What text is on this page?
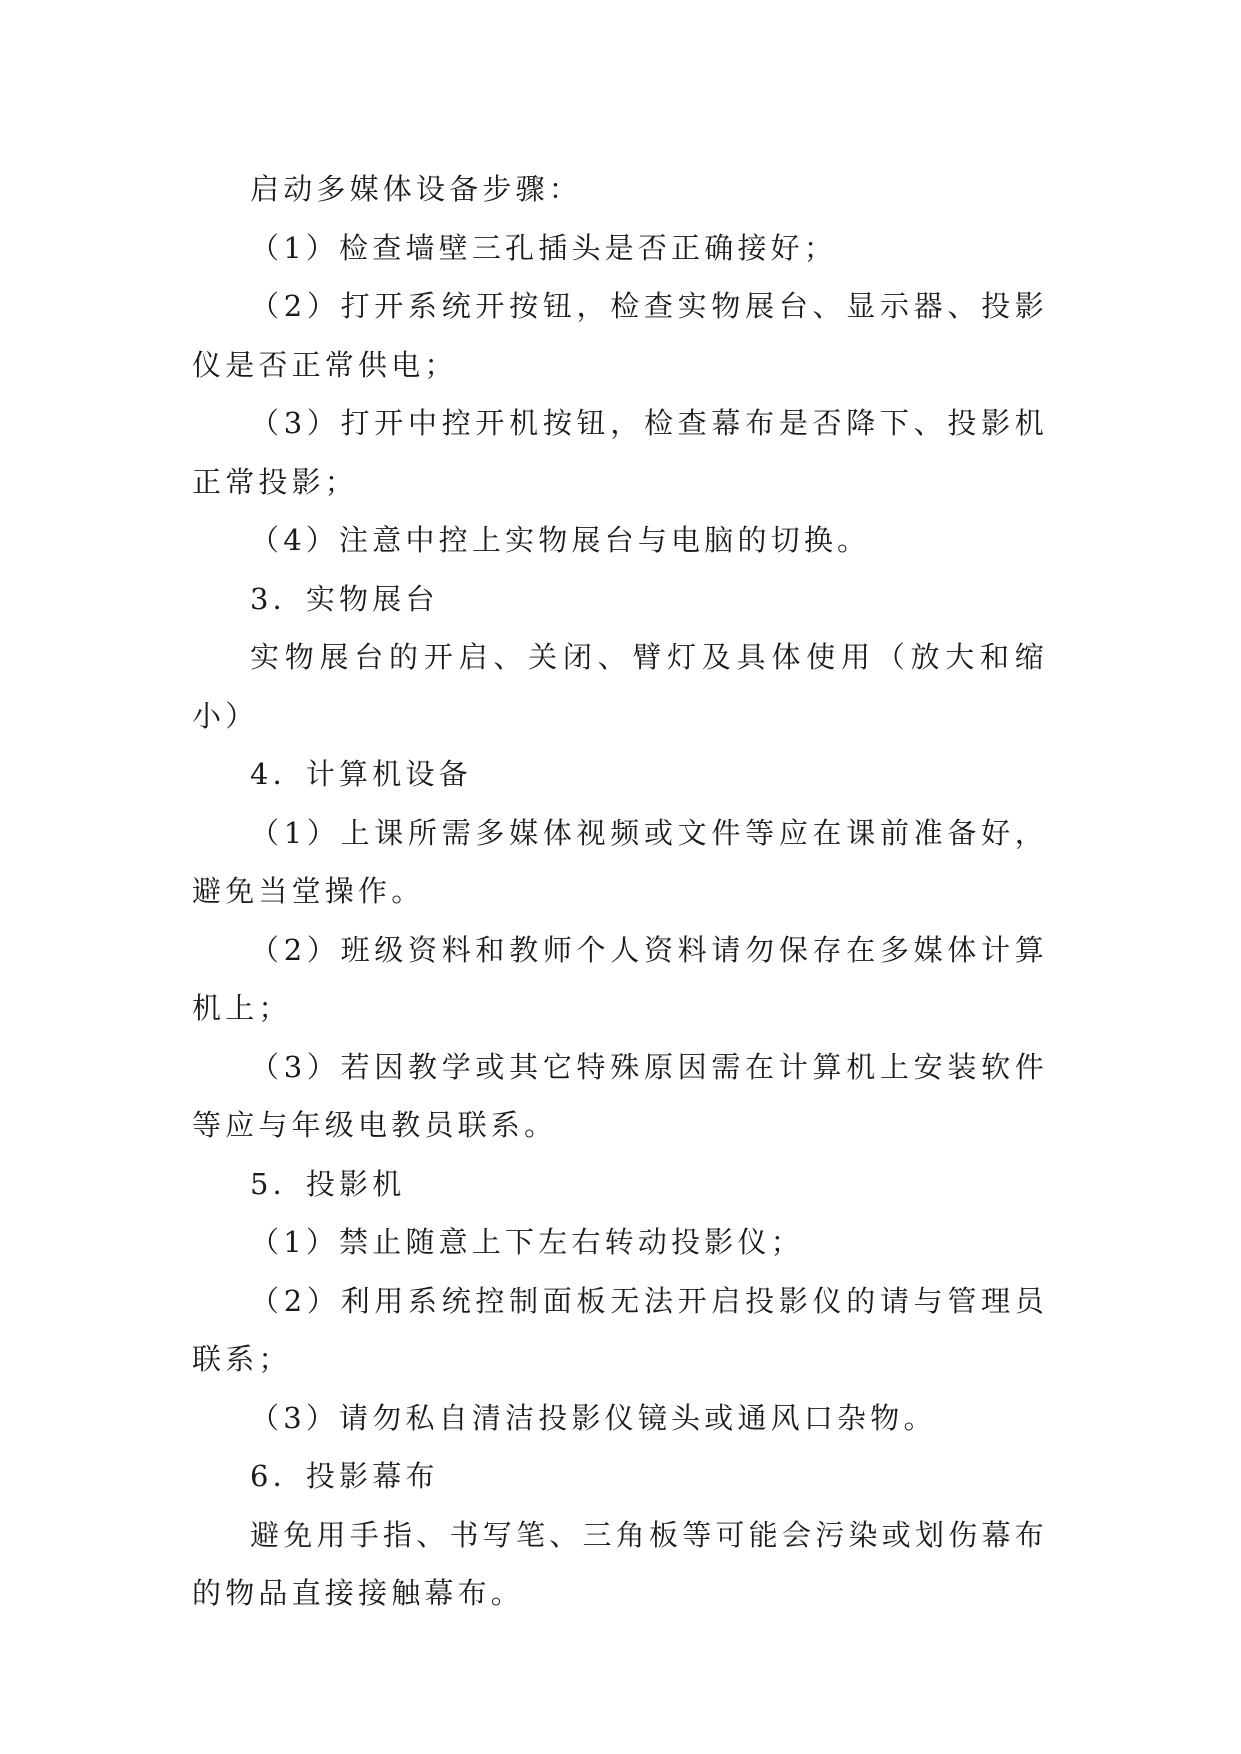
启动多媒体设备步骤：

（1）检查墙壁三孔插头是否正确接好；

（2）打开系统开按钮，检查实物展台、显示器、投影仪是否正常供电；

（3）打开中控开机按钮，检查幕布是否降下、投影机正常投影；

（4）注意中控上实物展台与电脑的切换。

3．实物展台

实物展台的开启、关闭、臂灯及具体使用（放大和缩小）

4．计算机设备

（1）上课所需多媒体视频或文件等应在课前准备好，避免当堂操作。

（2）班级资料和教师个人资料请勿保存在多媒体计算机上；

（3）若因教学或其它特殊原因需在计算机上安装软件等应与年级电教员联系。

5．投影机

（1）禁止随意上下左右转动投影仪；

（2）利用系统控制面板无法开启投影仪的请与管理员联系；

（3）请勿私自清洁投影仪镜头或通风口杂物。

6．投影幕布

避免用手指、书写笔、三角板等可能会污染或划伤幕布的物品直接接触幕布。
